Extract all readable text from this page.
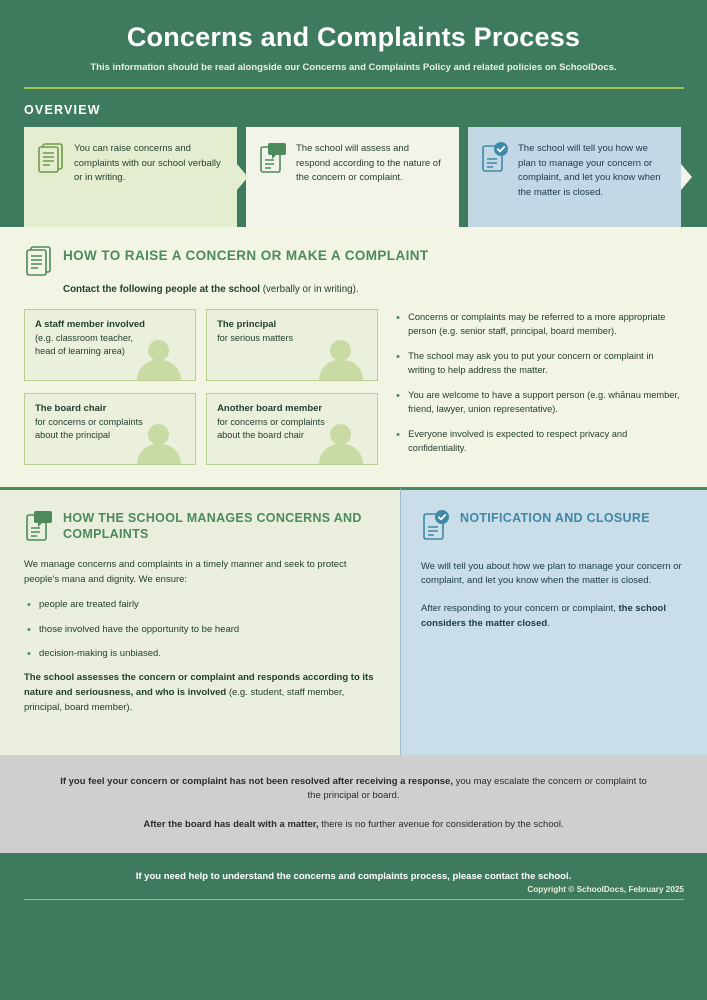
Concerns and Complaints Process
This information should be read alongside our Concerns and Complaints Policy and related policies on SchoolDocs.
OVERVIEW
You can raise concerns and complaints with our school verbally or in writing.
The school will assess and respond according to the nature of the concern or complaint.
The school will tell you how we plan to manage your concern or complaint, and let you know when the matter is closed.
HOW TO RAISE A CONCERN OR MAKE A COMPLAINT
Contact the following people at the school (verbally or in writing).
A staff member involved
(e.g. classroom teacher, head of learning area)
The principal
for serious matters
The board chair
for concerns or complaints about the principal
Another board member
for concerns or complaints about the board chair
• Concerns or complaints may be referred to a more appropriate person (e.g. senior staff, principal, board member).
• The school may ask you to put your concern or complaint in writing to help address the matter.
• You are welcome to have a support person (e.g. whānau member, friend, lawyer, union representative).
• Everyone involved is expected to respect privacy and confidentiality.
HOW THE SCHOOL MANAGES CONCERNS AND COMPLAINTS

We manage concerns and complaints in a timely manner and seek to protect people's mana and dignity. We ensure:

• people are treated fairly
• those involved have the opportunity to be heard
• decision-making is unbiased.
The school assesses the concern or complaint and responds according to its nature and seriousness, and who is involved (e.g. student, staff member, principal, board member).
NOTIFICATION AND CLOSURE

We will tell you about how we plan to manage your concern or complaint, and let you know when the matter is closed.

After responding to your concern or complaint, the school considers the matter closed.

If you feel your concern or complaint has not been resolved after receiving a response, you may escalate the concern or complaint to the principal or board.

After the board has dealt with a matter, there is no further avenue for consideration by the school.

If you need help to understand the concerns and complaints process, please contact the school.
Copyright © SchoolDocs, February 2025
